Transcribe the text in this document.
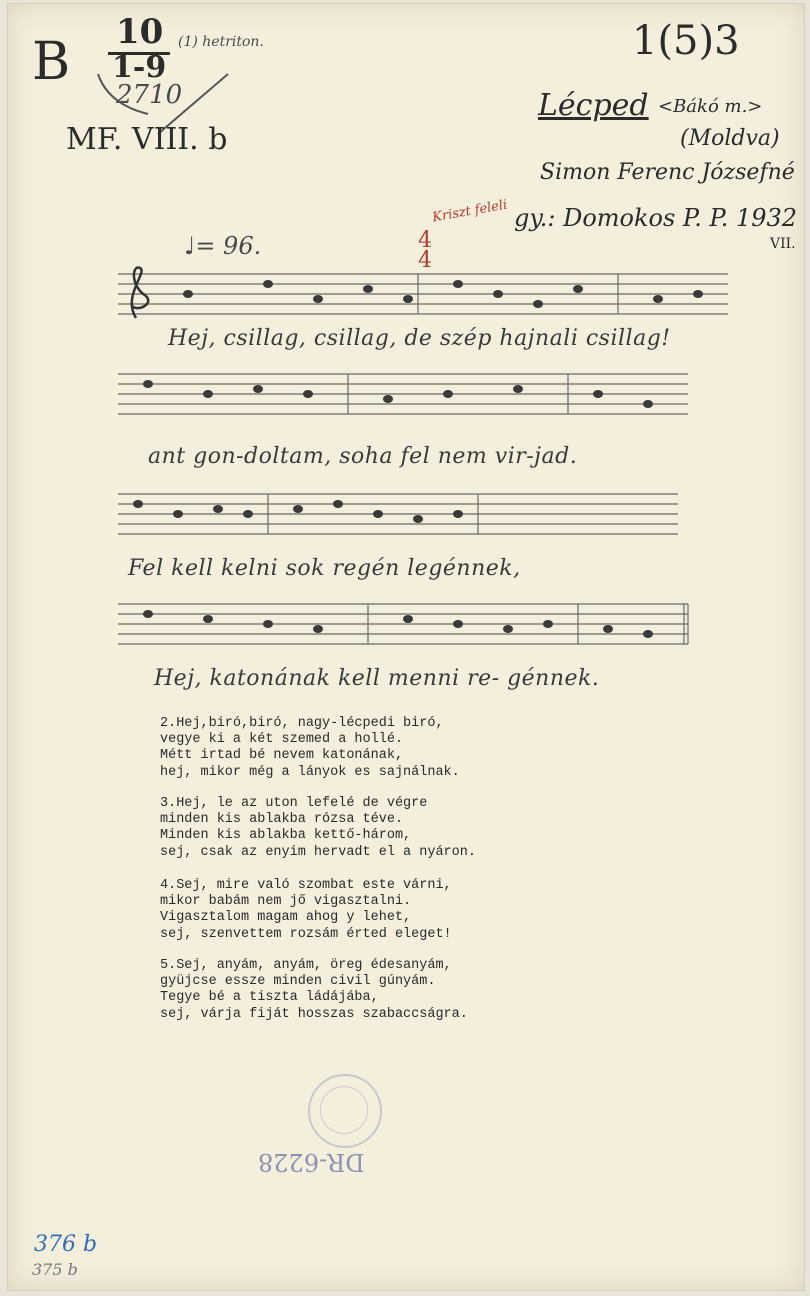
B 10
1-9
(1) hetriton.
2710
MF. VIII. b
1(5)3
Lécped <Bákó m.>
(Moldva)
Simon Ferenc Józsefné
Kriszt feleli gy.: Domokos P. P. 1932
VII.
♩= 96.	4
4
Hej, csillag, csillag, de szép hajnali csillag!
ant gon-doltam, soha fel nem vir-jad.
Fel kell kelni sok regén legénnek,
Hej, katonának kell menni re- génnek.
2.Hej,biró,biró, nagy-lécpedi biró,
vegye ki a két szemed a hollé.
Métt irtad bé nevem katonának,
hej, mikor még a lányok es sajnálnak.
3.Hej, le az uton lefelé de végre
minden kis ablakba rózsa téve.
Minden kis ablakba kettő-három,
sej, csak az enyim hervadt el a nyáron.
4.Sej, mire való szombat este várni,
mikor babám nem jő vigasztalni.
Vigasztalom magam ahog y lehet,
sej, szenvettem rozsám érted eleget!
5.Sej, anyám, anyám, öreg édesanyám,
gyüjcse essze minden civil gúnyám.
Tegye bé a tiszta ládájába,
sej, várja fiját hosszas szabaccságra.
DR-6228
376 b
375 b
